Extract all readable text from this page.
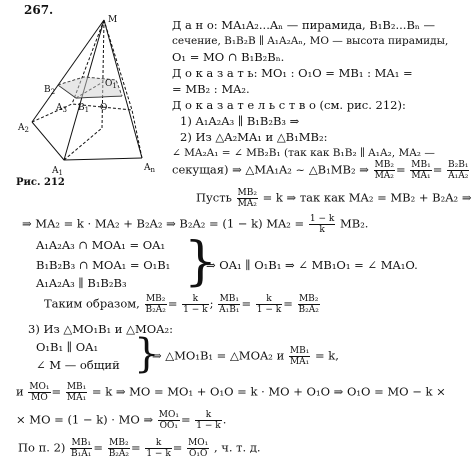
267.
M
$O_1$
$B_2$
$A_3$ $B_1$ O
$A_2$
$A_1$	$A_n$
Рис. 212
Д а н о: MA₁A₂...Aₙ — пирамида, B₁B₂...Bₙ —
сечение, B₁B₂B ∥ A₁A₂Aₙ, MO — высота пирамиды,
O₁ = MO ∩ B₁B₂Bₙ.
Д о к а з а т ь: MO₁ : O₁O = MB₁ : MA₁ =
= MB₂ : MA₂.
Д о к а з а т е л ь с т в о (см. рис. 212):
1) A₁A₂A₃ ∥ B₁B₂B₃ ⇒
2) Из △A₂MA₁ и △B₁MB₂:
∠ MA₂A₁ = ∠ MB₂B₁ (так как B₁B₂ ∥ A₁A₂, MA₂ —
секущая) ⇒ △MA₁A₂ ~ △B₁MB₂ ⇒ $\frac{\text{MB₂}}{\text{MA₂}} = \frac{\text{MB₁}}{\text{MA₁}} = \frac{\text{B₂B₁}}{\text{A₁A₂}}$
Пусть $\frac{\text{MB₂}}{\text{MA₂}} = k$ ⇒ так как MA₂ = MB₂ + B₂A₂ ⇒
⇒ MA₂ = k · MA₂ + B₂A₂ ⇒ B₂A₂ = (1 − k) $MA_2 = \frac{1 - k}{k} MB_2$.
A₁A₂A₃ ∩ MOA₁ = OA₁
B₁B₂B₃ ∩ MOA₁ = O₁B₁
A₁A₂A₃ ∥ B₁B₂B₃ }
⇒ OA₁ ∥ O₁B₁ ⇒ ∠ MB₁O₁ = ∠ MA₁O.
Таким образом, $\frac{\text{MB₂}}{\text{B₂A₂}} = \frac{k}{1 - k}$ ; $\frac{\text{MB₁}}{\text{A₁B₁}} = \frac{k}{1 - k} = \frac{\text{MB₂}}{\text{B₂A₂}}$
3) Из △MO₁B₁ и △MOA₂:
O₁B₁ ∥ OA₁
∠ M — общий }
⇒ △MO₁B₁ = △MOA₂ и $\frac{\text{MB₁}}{\text{MA₁}} = k$,
и $\frac{\text{MO₁}}{MO} = \frac{\text{MB₁}}{\text{MA₁}} = k$ ⇒ MO = MO₁ + O₁O = k · MO + O₁O ⇒ O₁O = MO − k ×
× MO = (1 − k) · MO ⇒ $\frac{\text{MO₁}}{\text{OO₁}} = \frac{k}{1 - k}$ .
По п. $2) \frac{\text{MB₁}}{\text{B₁A₁}} = \frac{\text{MB₂}}{\text{B₂A₂}} = \frac{k}{1 - k} = \frac{\text{MO₁}}{\text{O₁O}}$ , ч. т. д.
